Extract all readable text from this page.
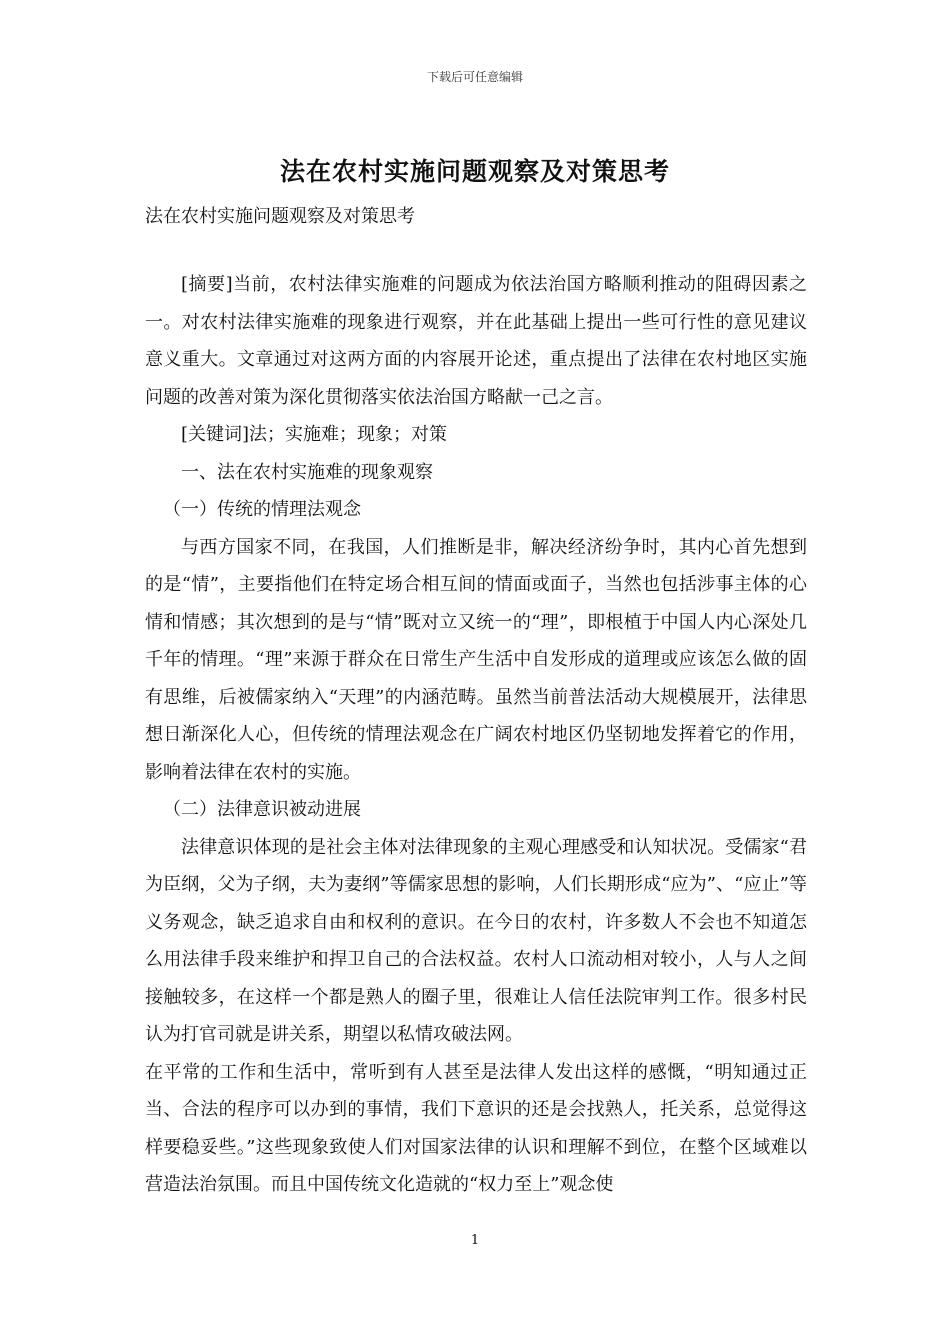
下载后可任意编辑
法在农村实施问题观察及对策思考
法在农村实施问题观察及对策思考

[摘要]当前，农村法律实施难的问题成为依法治国方略顺利推动的阻碍因素之一。对农村法律实施难的现象进行观察，并在此基础上提出一些可行性的意见建议意义重大。文章通过对这两方面的内容展开论述，重点提出了法律在农村地区实施问题的改善对策为深化贯彻落实依法治国方略献一己之言。

[关键词]法；实施难；现象；对策

一、法在农村实施难的现象观察

（一）传统的情理法观念

与西方国家不同，在我国，人们推断是非，解决经济纷争时，其内心首先想到的是“情”，主要指他们在特定场合相互间的情面或面子，当然也包括涉事主体的心情和情感；其次想到的是与“情”既对立又统一的“理”，即根植于中国人内心深处几千年的情理。“理”来源于群众在日常生产生活中自发形成的道理或应该怎么做的固有思维，后被儒家纳入“天理”的内涵范畴。虽然当前普法活动大规模展开，法律思想日渐深化人心，但传统的情理法观念在广阔农村地区仍坚韧地发挥着它的作用，影响着法律在农村的实施。

（二）法律意识被动进展

法律意识体现的是社会主体对法律现象的主观心理感受和认知状况。受儒家“君为臣纲，父为子纲，夫为妻纲”等儒家思想的影响，人们长期形成“应为”、“应止”等义务观念，缺乏追求自由和权利的意识。在今日的农村，许多数人不会也不知道怎么用法律手段来维护和捍卫自己的合法权益。农村人口流动相对较小，人与人之间接触较多，在这样一个都是熟人的圈子里，很难让人信任法院审判工作。很多村民认为打官司就是讲关系，期望以私情攻破法网。

在平常的工作和生活中，常听到有人甚至是法律人发出这样的感慨，“明知通过正当、合法的程序可以办到的事情，我们下意识的还是会找熟人，托关系，总觉得这样要稳妥些。”这些现象致使人们对国家法律的认识和理解不到位，在整个区域难以营造法治氛围。而且中国传统文化造就的“权力至上”观念使

1
